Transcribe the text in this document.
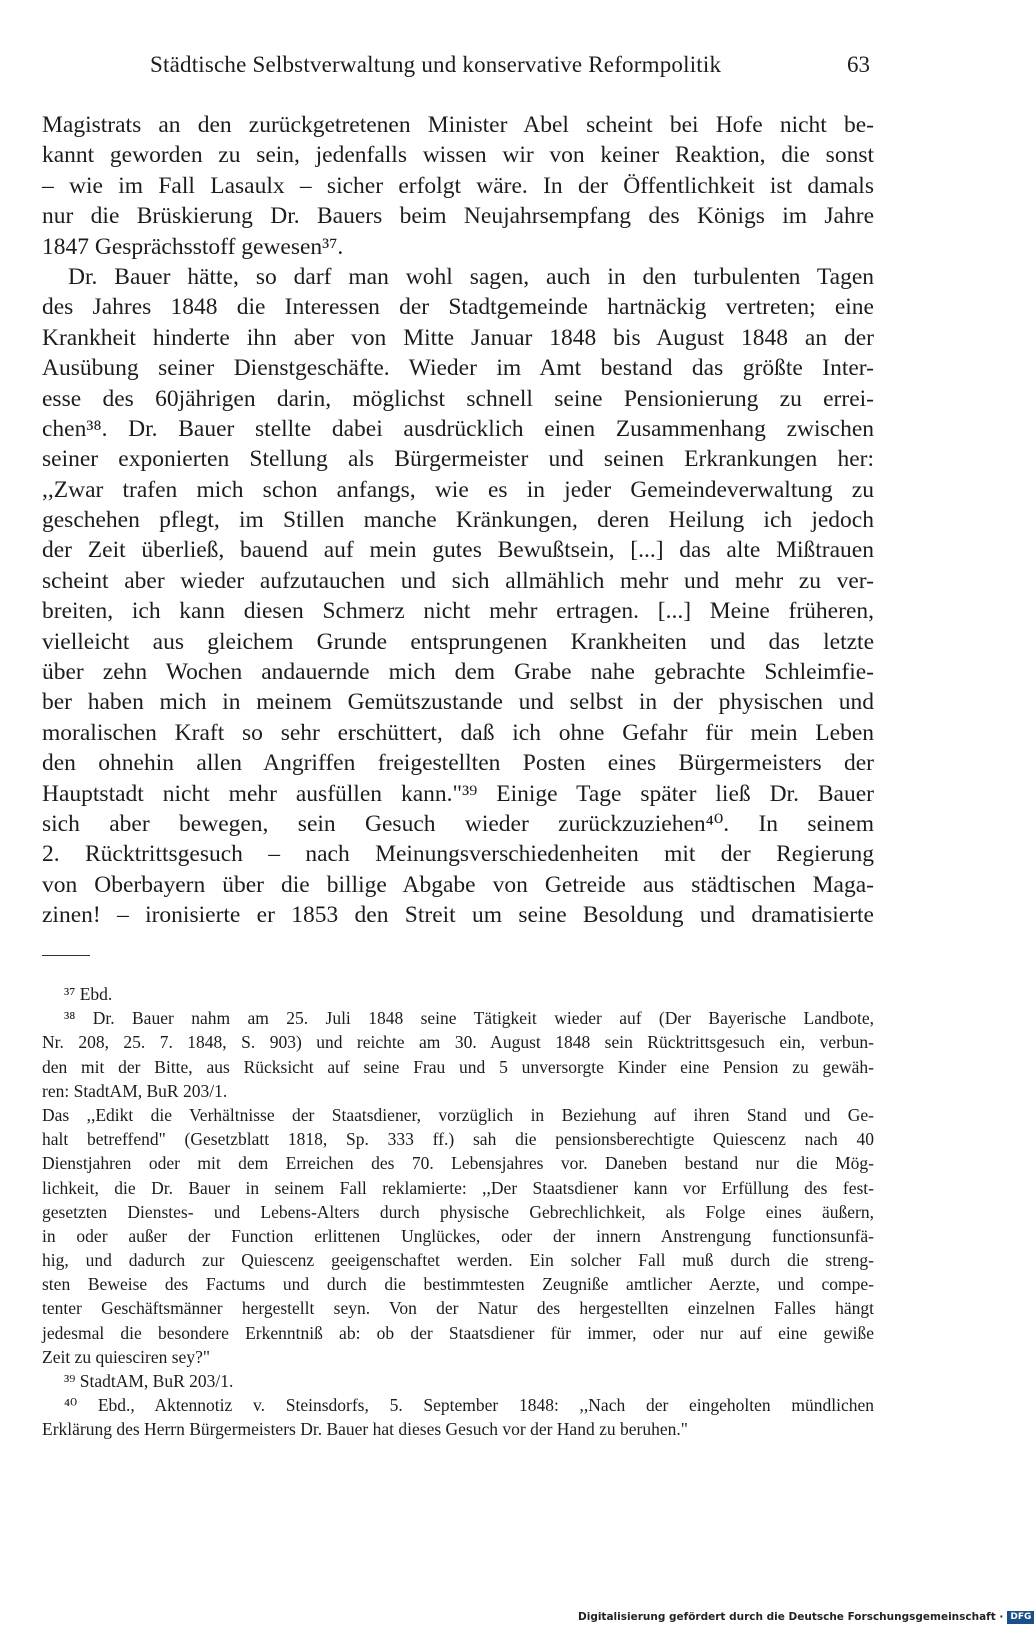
Städtische Selbstverwaltung und konservative Reformpolitik	63
Magistrats an den zurückgetretenen Minister Abel scheint bei Hofe nicht be-
kannt geworden zu sein, jedenfalls wissen wir von keiner Reaktion, die sonst
– wie im Fall Lasaulx – sicher erfolgt wäre. In der Öffentlichkeit ist damals
nur die Brüskierung Dr. Bauers beim Neujahrsempfang des Königs im Jahre
1847 Gesprächsstoff gewesen³⁷.
Dr. Bauer hätte, so darf man wohl sagen, auch in den turbulenten Tagen
des Jahres 1848 die Interessen der Stadtgemeinde hartnäckig vertreten; eine
Krankheit hinderte ihn aber von Mitte Januar 1848 bis August 1848 an der
Ausübung seiner Dienstgeschäfte. Wieder im Amt bestand das größte Inter-
esse des 60jährigen darin, möglichst schnell seine Pensionierung zu errei-
chen³⁸. Dr. Bauer stellte dabei ausdrücklich einen Zusammenhang zwischen
seiner exponierten Stellung als Bürgermeister und seinen Erkrankungen her:
,,Zwar trafen mich schon anfangs, wie es in jeder Gemeindeverwaltung zu
geschehen pflegt, im Stillen manche Kränkungen, deren Heilung ich jedoch
der Zeit überließ, bauend auf mein gutes Bewußtsein, [...] das alte Mißtrauen
scheint aber wieder aufzutauchen und sich allmählich mehr und mehr zu ver-
breiten, ich kann diesen Schmerz nicht mehr ertragen. [...] Meine früheren,
vielleicht aus gleichem Grunde entsprungenen Krankheiten und das letzte
über zehn Wochen andauernde mich dem Grabe nahe gebrachte Schleimfie-
ber haben mich in meinem Gemütszustande und selbst in der physischen und
moralischen Kraft so sehr erschüttert, daß ich ohne Gefahr für mein Leben
den ohnehin allen Angriffen freigestellten Posten eines Bürgermeisters der
Hauptstadt nicht mehr ausfüllen kann."³⁹ Einige Tage später ließ Dr. Bauer
sich aber bewegen, sein Gesuch wieder zurückzuziehen⁴⁰. In seinem
2. Rücktrittsgesuch – nach Meinungsverschiedenheiten mit der Regierung
von Oberbayern über die billige Abgabe von Getreide aus städtischen Maga-
zinen! – ironisierte er 1853 den Streit um seine Besoldung und dramatisierte
³⁷ Ebd.
³⁸ Dr. Bauer nahm am 25. Juli 1848 seine Tätigkeit wieder auf (Der Bayerische Landbote,
Nr. 208, 25. 7. 1848, S. 903) und reichte am 30. August 1848 sein Rücktrittsgesuch ein, verbun-
den mit der Bitte, aus Rücksicht auf seine Frau und 5 unversorgte Kinder eine Pension zu gewäh-
ren: StadtAM, BuR 203/1.
Das ,,Edikt die Verhältnisse der Staatsdiener, vorzüglich in Beziehung auf ihren Stand und Ge-
halt betreffend" (Gesetzblatt 1818, Sp. 333 ff.) sah die pensionsberechtigte Quiescenz nach 40
Dienstjahren oder mit dem Erreichen des 70. Lebensjahres vor. Daneben bestand nur die Mög-
lichkeit, die Dr. Bauer in seinem Fall reklamierte: ,,Der Staatsdiener kann vor Erfüllung des fest-
gesetzten Dienstes- und Lebens-Alters durch physische Gebrechlichkeit, als Folge eines äußern,
in oder außer der Function erlittenen Unglückes, oder der innern Anstrengung functionsunfä-
hig, und dadurch zur Quiescenz geeigenschaftet werden. Ein solcher Fall muß durch die streng-
sten Beweise des Factums und durch die bestimmtesten Zeugniße amtlicher Aerzte, und compe-
tenter Geschäftsmänner hergestellt seyn. Von der Natur des hergestellten einzelnen Falles hängt
jedesmal die besondere Erkenntniß ab: ob der Staatsdiener für immer, oder nur auf eine gewiße
Zeit zu quiesciren sey?"
³⁹ StadtAM, BuR 203/1.
⁴⁰ Ebd., Aktennotiz v. Steinsdorfs, 5. September 1848: ,,Nach der eingeholten mündlichen
Erklärung des Herrn Bürgermeisters Dr. Bauer hat dieses Gesuch vor der Hand zu beruhen."
Digitalisierung gefördert durch die Deutsche Forschungsgemeinschaft · DFG
